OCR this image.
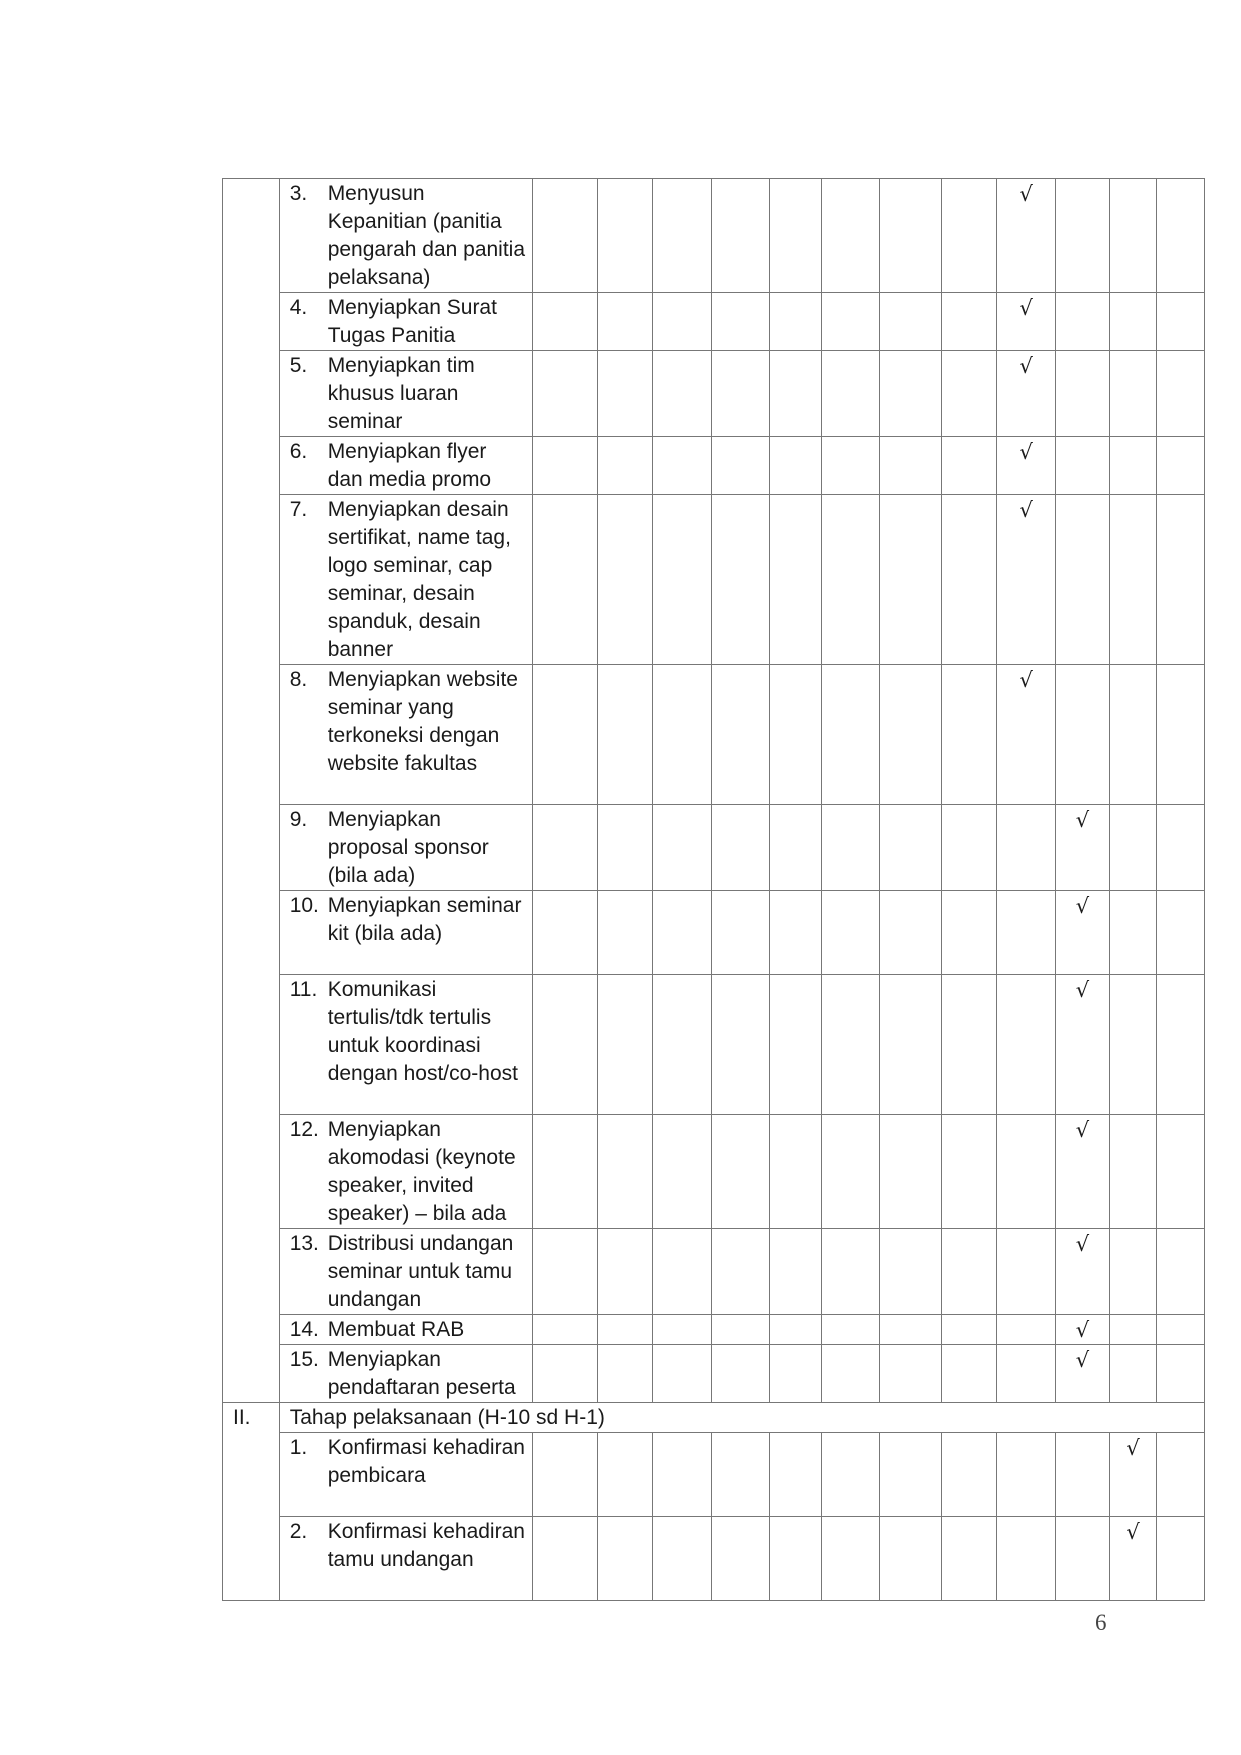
	3. Menyusun Kepanitian (panitia pengarah dan panitia pelaksana)									√			

	4. Menyiapkan Surat Tugas Panitia									√			

	5. Menyiapkan tim khusus luaran seminar									√			

	6. Menyiapkan flyer dan media promo									√			

	7. Menyiapkan desain sertifikat, name tag, logo seminar, cap seminar, desain spanduk, desain banner									√			

	8. Menyiapkan website seminar yang terkoneksi dengan website fakultas									√			

	9. Menyiapkan proposal sponsor (bila ada)										√		

	10. Menyiapkan seminar kit (bila ada)										√		

	11. Komunikasi tertulis/tdk tertulis untuk koordinasi dengan host/co-host										√		

	12. Menyiapkan akomodasi (keynote speaker, invited speaker) – bila ada										√		

	13. Distribusi undangan seminar untuk tamu undangan										√		

	14. Membuat RAB										√		

	15. Menyiapkan pendaftaran peserta										√		
II.	Tahap pelaksanaan (H-10 sd H-1)												

	1. Konfirmasi kehadiran pembicara											√	

	2. Konfirmasi kehadiran tamu undangan											√	
6
